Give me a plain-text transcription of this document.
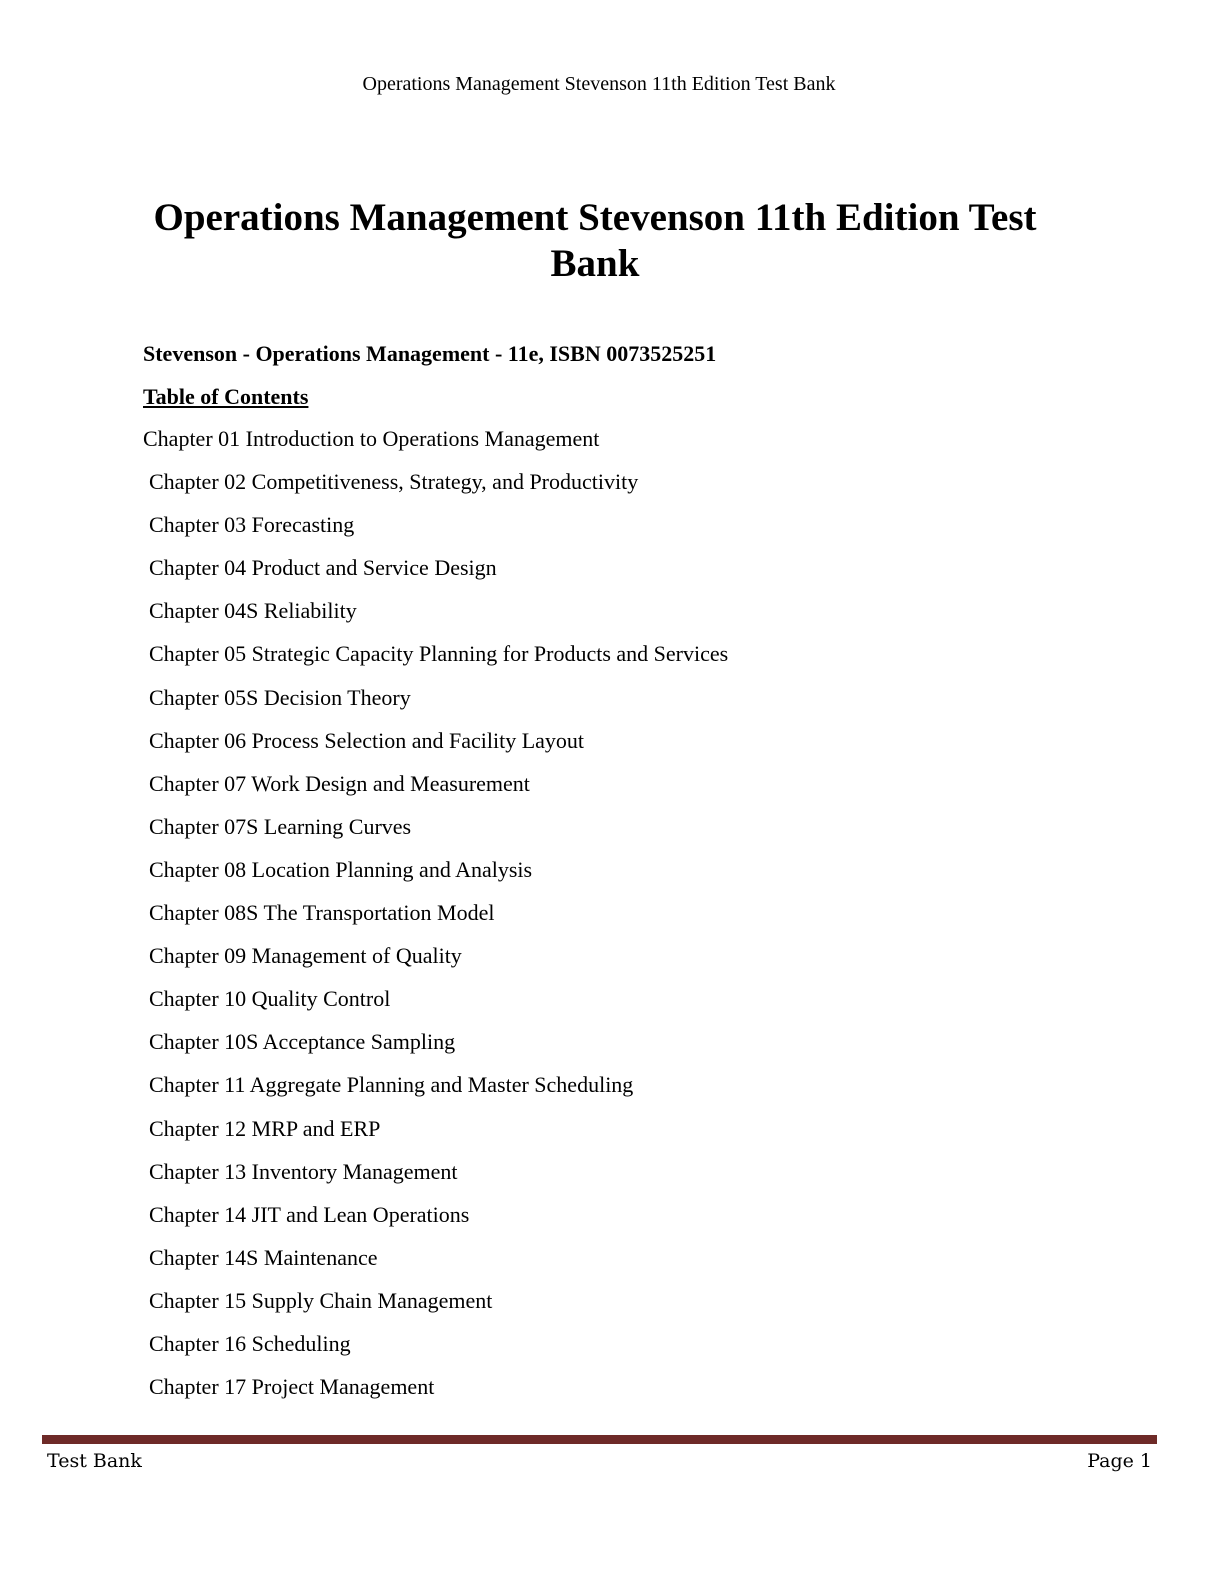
Operations Management Stevenson 11th Edition Test Bank
Operations Management Stevenson 11th Edition Test Bank
Stevenson - Operations Management - 11e, ISBN 0073525251
Table of Contents
Chapter 01 Introduction to Operations Management
Chapter 02 Competitiveness, Strategy, and Productivity
Chapter 03 Forecasting
Chapter 04 Product and Service Design
Chapter 04S Reliability
Chapter 05 Strategic Capacity Planning for Products and Services
Chapter 05S Decision Theory
Chapter 06 Process Selection and Facility Layout
Chapter 07 Work Design and Measurement
Chapter 07S Learning Curves
Chapter 08 Location Planning and Analysis
Chapter 08S The Transportation Model
Chapter 09 Management of Quality
Chapter 10 Quality Control
Chapter 10S Acceptance Sampling
Chapter 11 Aggregate Planning and Master Scheduling
Chapter 12 MRP and ERP
Chapter 13 Inventory Management
Chapter 14 JIT and Lean Operations
Chapter 14S Maintenance
Chapter 15 Supply Chain Management
Chapter 16 Scheduling
Chapter 17 Project Management
Test Bank	Page 1
